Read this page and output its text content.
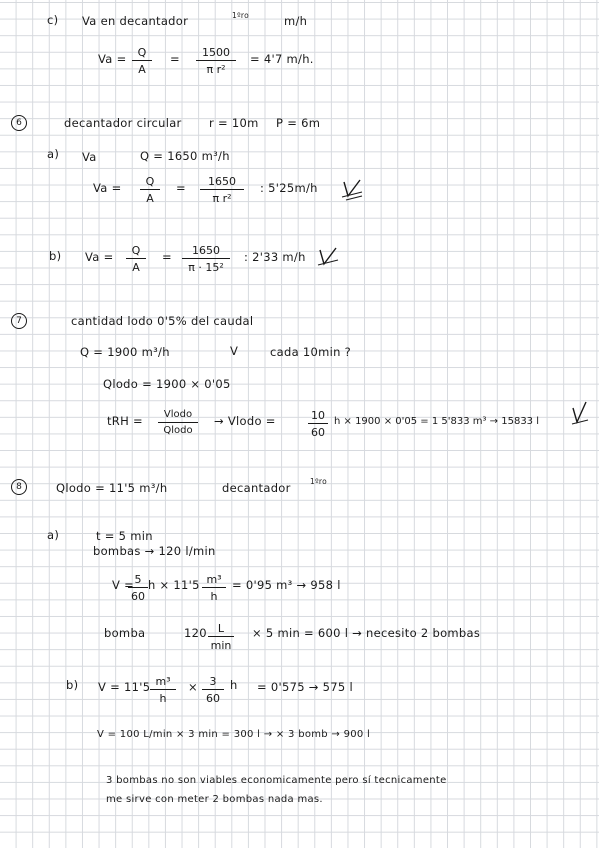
c) Va en decantador	1ºro	m/h
$Va = \frac{Q}{A} = \frac{1500}{\text{π r²}} = 4'7$ m/h.
6	decantador circular r = 10m P = 6m
a) Va	Q = 1650 m³/h
$Va = \frac{Q}{A} = \frac{1650}{\text{π r²}}$ : 5'25m/h
b) $Va = \frac{Q}{A} = \frac{1650}{\text{π · 15²}}$ : 2'33 m/h
7	cantidad lodo 0'5% del caudal
Q = 1900 m³/h	V	cada 10min ?
Qlodo = 1900 × 0'05
tRH =	Vlodo
Qlodo
→ Vlodo =	$\frac{10}{60}$ h × 1900 × 0'05 = 1 5'833 m³ → 15833 l
8	Qlodo = 11'5 m³/h	decantador	1ºro
a)	t = 5 min
bombas → 120 l/min
V =
$\frac{5}{60}$ $h \times 11'5 \frac{\text{m³}}{h} = 0'95$ m³ → 958 l
bomba	120	L
min
× 5 min = 600 l → necesito 2 bombas
b) $V = 11'5 \frac{\text{m³}}{h} \times \frac{3}{60}$ h = 0'575 → 575 l
V = 100 L/min × 3 min = 300 l → × 3 bomb → 900 l
3 bombas no son viables economicamente pero sí tecnicamente
me sirve con meter 2 bombas nada mas.
